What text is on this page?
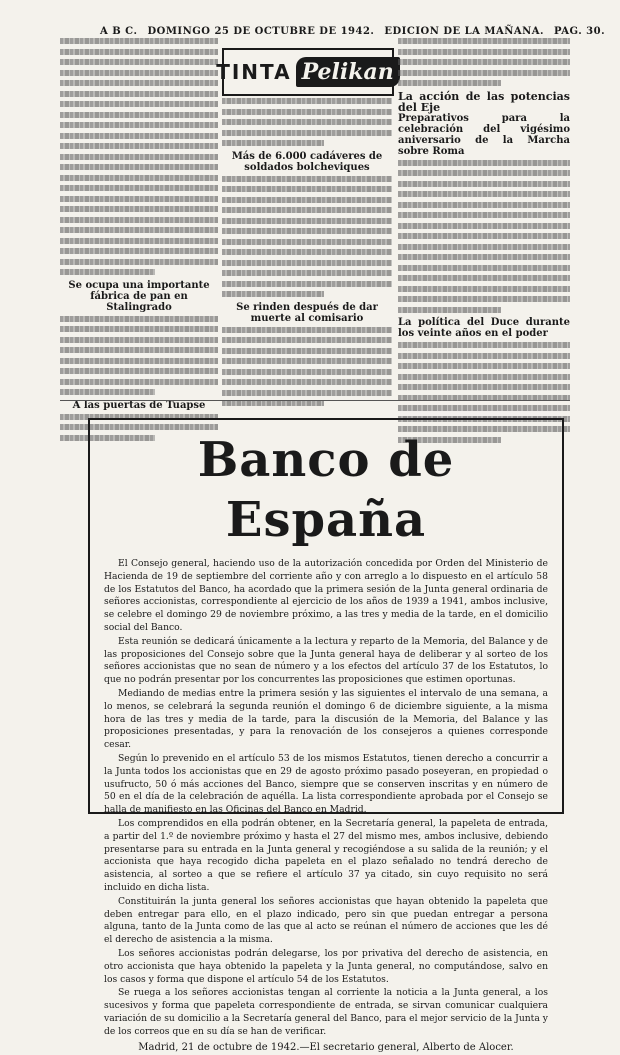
A B C. DOMINGO 25 DE OCTUBRE DE 1942. EDICION DE LA MAÑANA. PAG. 30.
Se ocupa una importante fábrica de pan en Stalingrado
A las puertas de Tuapse
TINTA Pelikan
Más de 6.000 cadáveres de soldados bolcheviques
Se rinden después de dar muerte al comisario
La acción de las potencias del Eje
Preparativos para la celebración del vigésimo aniversario de la Marcha sobre Roma
La política del Duce durante los veinte años en el poder
Banco de España

El Consejo general, haciendo uso de la autorización concedida por Orden del Ministerio de Hacienda de 19 de septiembre del corriente año y con arreglo a lo dispuesto en el artículo 58 de los Estatutos del Banco, ha acordado que la primera sesión de la Junta general ordinaria de señores accionistas, correspondiente al ejercicio de los años de 1939 a 1941, ambos inclusive, se celebre el domingo 29 de noviembre próximo, a las tres y media de la tarde, en el domicilio social del Banco.

Esta reunión se dedicará únicamente a la lectura y reparto de la Memoria, del Balance y de las proposiciones del Consejo sobre que la Junta general haya de deliberar y al sorteo de los señores accionistas que no sean de número y a los efectos del artículo 37 de los Estatutos, lo que no podrán presentar por los concurrentes las proposiciones que estimen oportunas.

Mediando de medias entre la primera sesión y las siguientes el intervalo de una semana, a lo menos, se celebrará la segunda reunión el domingo 6 de diciembre siguiente, a la misma hora de las tres y media de la tarde, para la discusión de la Memoria, del Balance y las proposiciones presentadas, y para la renovación de los consejeros a quienes corresponde cesar.

Según lo prevenido en el artículo 53 de los mismos Estatutos, tienen derecho a concurrir a la Junta todos los accionistas que en 29 de agosto próximo pasado poseyeran, en propiedad o usufructo, 50 ó más acciones del Banco, siempre que se conserven inscritas y en número de 50 en el día de la celebración de aquélla. La lista correspondiente aprobada por el Consejo se halla de manifiesto en las Oficinas del Banco en Madrid.

Los comprendidos en ella podrán obtener, en la Secretaría general, la papeleta de entrada, a partir del 1.º de noviembre próximo y hasta el 27 del mismo mes, ambos inclusive, debiendo presentarse para su entrada en la Junta general y recogiéndose a su salida de la reunión; y el accionista que haya recogido dicha papeleta en el plazo señalado no tendrá derecho de asistencia, al sorteo a que se refiere el artículo 37 ya citado, sin cuyo requisito no será incluido en dicha lista.

Constituirán la junta general los señores accionistas que hayan obtenido la papeleta que deben entregar para ello, en el plazo indicado, pero sin que puedan entregar a persona alguna, tanto de la Junta como de las que al acto se reúnan el número de acciones que les dé el derecho de asistencia a la misma.

Los señores accionistas podrán delegarse, los por privativa del derecho de asistencia, en otro accionista que haya obtenido la papeleta y la Junta general, no computándose, salvo en los casos y forma que dispone el artículo 54 de los Estatutos.

Se ruega a los señores accionistas tengan al corriente la noticia a la Junta general, a los sucesivos y forma que papeleta correspondiente de entrada, se sirvan comunicar cualquiera variación de su domicilio a la Secretaría general del Banco, para el mejor servicio de la Junta y de los correos que en su día se han de verificar.

Madrid, 21 de octubre de 1942.—El secretario general, Alberto de Alocer.
